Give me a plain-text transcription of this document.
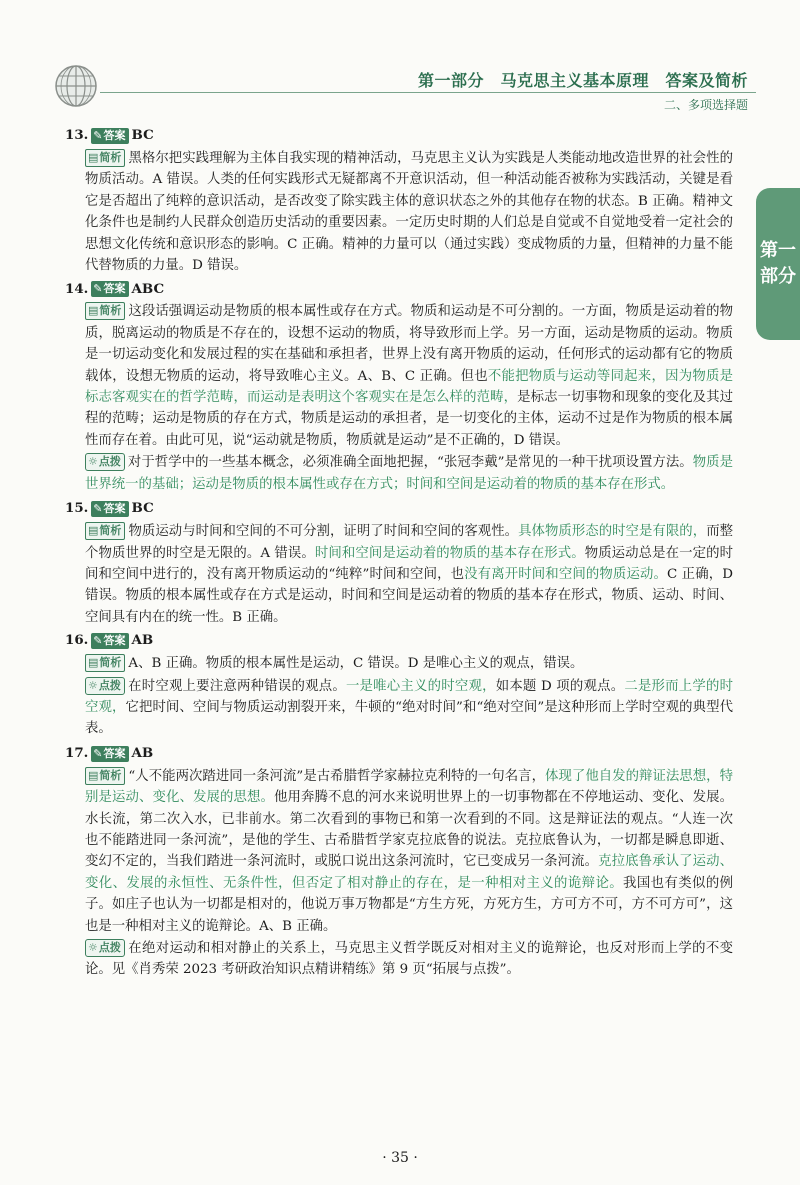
第一部分　马克思主义基本原理　答案及简析
二、多项选择题
第一
部分
13. ✎ 答案 BC

▤ 简析 黑格尔把实践理解为主体自我实现的精神活动，马克思主义认为实践是人类能动地改造世界的社会性的物质活动。A 错误。人类的任何实践形式无疑都离不开意识活动，但一种活动能否被称为实践活动，关键是看它是否超出了纯粹的意识活动，是否改变了除实践主体的意识状态之外的其他存在物的状态。B 正确。精神文化条件也是制约人民群众创造历史活动的重要因素。一定历史时期的人们总是自觉或不自觉地受着一定社会的思想文化传统和意识形态的影响。C 正确。精神的力量可以（通过实践）变成物质的力量，但精神的力量不能代替物质的力量。D 错误。

14. ✎ 答案 ABC

▤ 简析 这段话强调运动是物质的根本属性或存在方式。物质和运动是不可分割的。一方面，物质是运动着的物质，脱离运动的物质是不存在的，设想不运动的物质，将导致形而上学。另一方面，运动是物质的运动。物质是一切运动变化和发展过程的实在基础和承担者，世界上没有离开物质的运动，任何形式的运动都有它的物质载体，设想无物质的运动，将导致唯心主义。A、B、C 正确。但也不能把物质与运动等同起来，因为物质是标志客观实在的哲学范畴，而运动是表明这个客观实在是怎么样的范畴，是标志一切事物和现象的变化及其过程的范畴；运动是物质的存在方式，物质是运动的承担者，是一切变化的主体，运动不过是作为物质的根本属性而存在着。由此可见，说“运动就是物质，物质就是运动”是不正确的，D 错误。

☼ 点拨 对于哲学中的一些基本概念，必须准确全面地把握，“张冠李戴”是常见的一种干扰项设置方法。物质是世界统一的基础；运动是物质的根本属性或存在方式；时间和空间是运动着的物质的基本存在形式。

15. ✎ 答案 BC

▤ 简析 物质运动与时间和空间的不可分割，证明了时间和空间的客观性。具体物质形态的时空是有限的，而整个物质世界的时空是无限的。A 错误。时间和空间是运动着的物质的基本存在形式。物质运动总是在一定的时间和空间中进行的，没有离开物质运动的“纯粹”时间和空间，也没有离开时间和空间的物质运动。C 正确，D 错误。物质的根本属性或存在方式是运动，时间和空间是运动着的物质的基本存在形式，物质、运动、时间、空间具有内在的统一性。B 正确。

16. ✎ 答案 AB

▤ 简析 A、B 正确。物质的根本属性是运动，C 错误。D 是唯心主义的观点，错误。

☼ 点拨 在时空观上要注意两种错误的观点。一是唯心主义的时空观，如本题 D 项的观点。二是形而上学的时空观，它把时间、空间与物质运动割裂开来，牛顿的“绝对时间”和“绝对空间”是这种形而上学时空观的典型代表。

17. ✎ 答案 AB

▤ 简析 “人不能两次踏进同一条河流”是古希腊哲学家赫拉克利特的一句名言，体现了他自发的辩证法思想，特别是运动、变化、发展的思想。他用奔腾不息的河水来说明世界上的一切事物都在不停地运动、变化、发展。水长流，第二次入水，已非前水。第二次看到的事物已和第一次看到的不同。这是辩证法的观点。“人连一次也不能踏进同一条河流”，是他的学生、古希腊哲学家克拉底鲁的说法。克拉底鲁认为，一切都是瞬息即逝、变幻不定的，当我们踏进一条河流时，或脱口说出这条河流时，它已变成另一条河流。克拉底鲁承认了运动、变化、发展的永恒性、无条件性，但否定了相对静止的存在，是一种相对主义的诡辩论。我国也有类似的例子。如庄子也认为一切都是相对的，他说万事万物都是“方生方死，方死方生，方可方不可，方不可方可”，这也是一种相对主义的诡辩论。A、B 正确。

☼ 点拨 在绝对运动和相对静止的关系上，马克思主义哲学既反对相对主义的诡辩论，也反对形而上学的不变论。见《肖秀荣 2023 考研政治知识点精讲精练》第 9 页“拓展与点拨”。

· 35 ·
